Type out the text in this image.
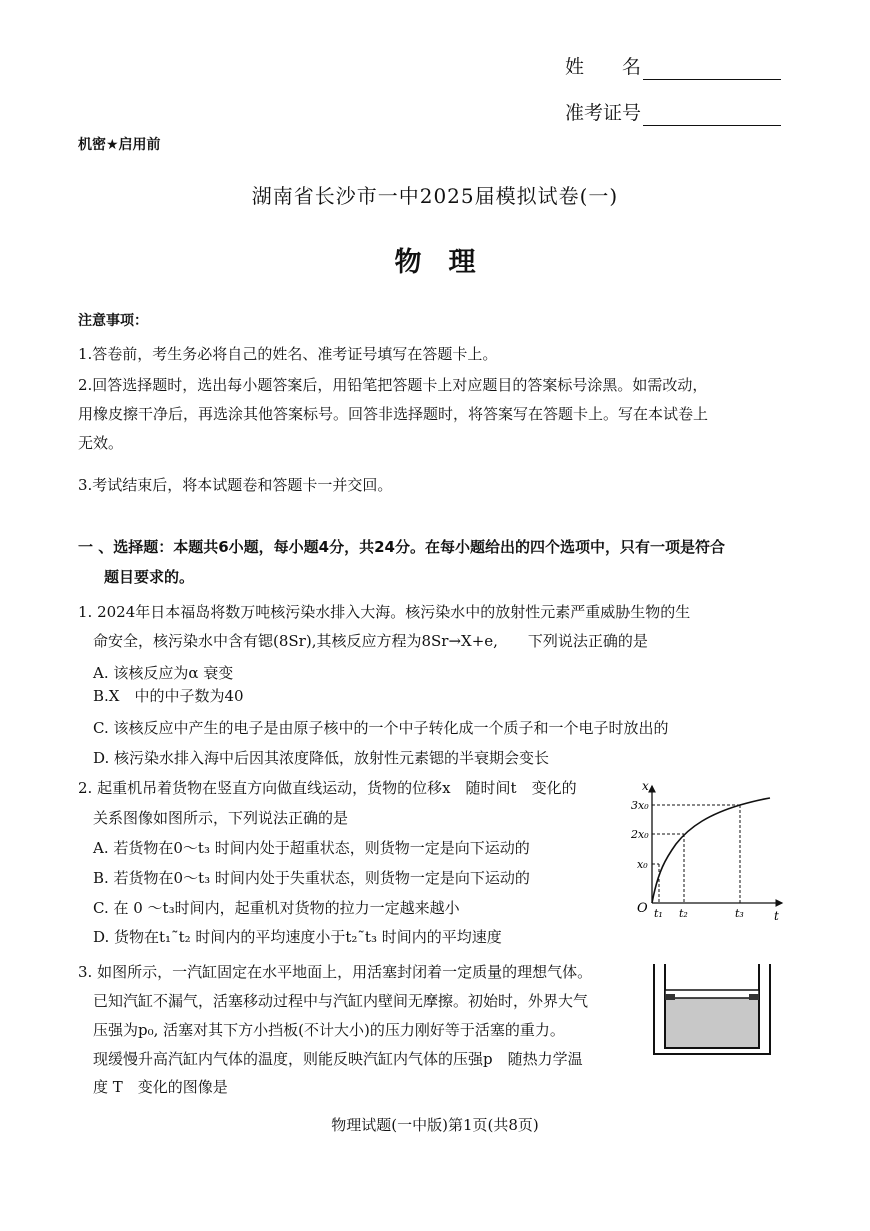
姓　　名
准考证号
机密★启用前
湖南省长沙市一中2025届模拟试卷(一)
物　理
注意事项：
1.答卷前，考生务必将自己的姓名、准考证号填写在答题卡上。
2.回答选择题时，选出每小题答案后，用铅笔把答题卡上对应题目的答案标号涂黑。如需改动，
用橡皮擦干净后，再选涂其他答案标号。回答非选择题时，将答案写在答题卡上。写在本试卷上
无效。
3.考试结束后，将本试题卷和答题卡一并交回。
一 、选择题：本题共6小题，每小题4分，共24分。在每小题给出的四个选项中，只有一项是符合
题目要求的。
1. 2024年日本福岛将数万吨核污染水排入大海。核污染水中的放射性元素严重威胁生物的生
命安全，核污染水中含有锶(8Sr),其核反应方程为8Sr→X+e,　　下列说法正确的是
A. 该核反应为α 衰变
B.X　中的中子数为40
C. 该核反应中产生的电子是由原子核中的一个中子转化成一个质子和一个电子时放出的
D. 核污染水排入海中后因其浓度降低，放射性元素锶的半衰期会变长
2. 起重机吊着货物在竖直方向做直线运动，货物的位移x　随时间t　变化的
关系图像如图所示，下列说法正确的是
A. 若货物在0～t₃ 时间内处于超重状态，则货物一定是向下运动的
B. 若货物在0～t₃ 时间内处于失重状态，则货物一定是向下运动的
C. 在 0 ～t₃时间内，起重机对货物的拉力一定越来越小
D. 货物在t₁˜t₂ 时间内的平均速度小于t₂˜t₃ 时间内的平均速度
x
t
O
3x₀
2x₀
x₀
t₁ t₂	t₃
3. 如图所示，一汽缸固定在水平地面上，用活塞封闭着一定质量的理想气体。
已知汽缸不漏气，活塞移动过程中与汽缸内壁间无摩擦。初始时，外界大气
压强为p₀, 活塞对其下方小挡板(不计大小)的压力刚好等于活塞的重力。
现缓慢升高汽缸内气体的温度，则能反映汽缸内气体的压强p　随热力学温
度 T　变化的图像是
物理试题(一中版)第1页(共8页)
